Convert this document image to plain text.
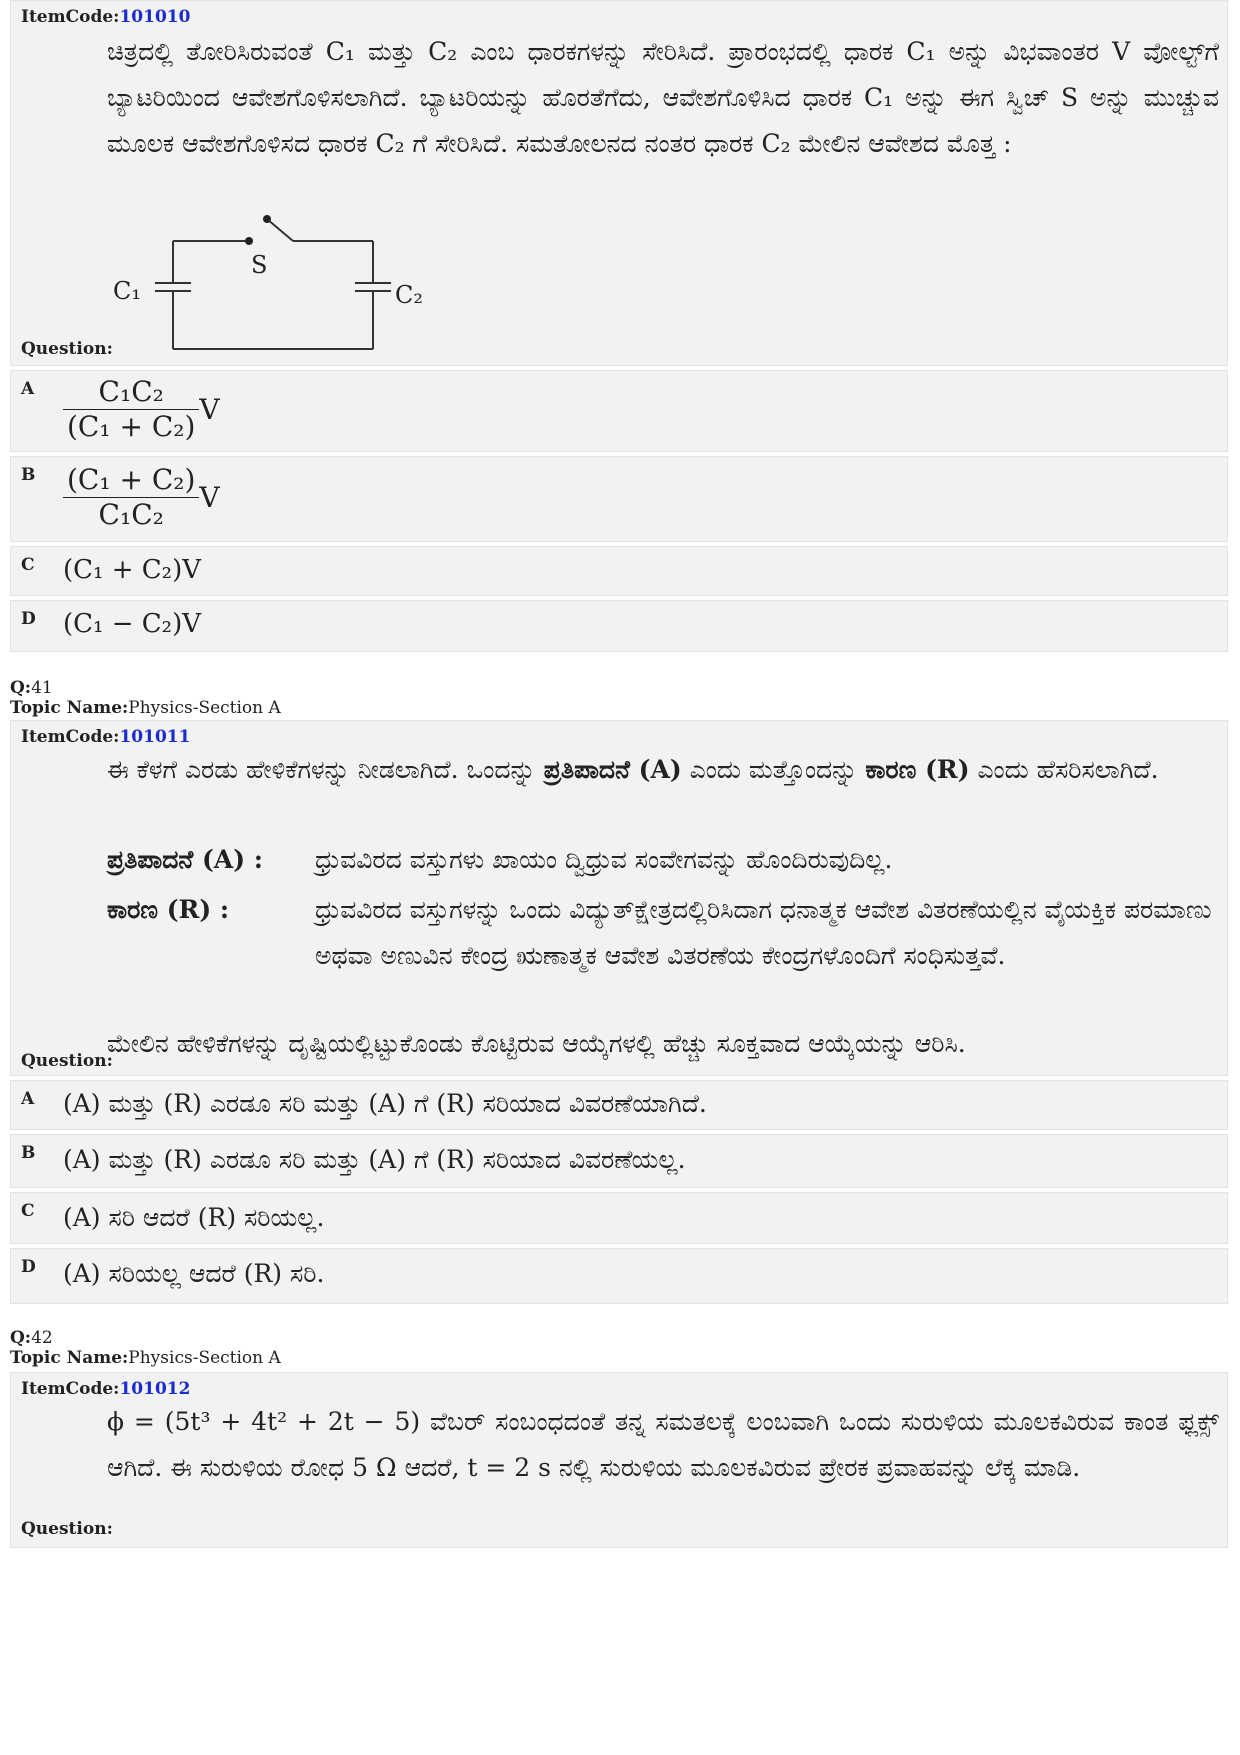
ItemCode:101010

ಚಿತ್ರದಲ್ಲಿ ತೋರಿಸಿರುವಂತೆ C₁ ಮತ್ತು C₂ ಎಂಬ ಧಾರಕಗಳನ್ನು ಸೇರಿಸಿದೆ. ಪ್ರಾರಂಭದಲ್ಲಿ ಧಾರಕ C₁ ಅನ್ನು ವಿಭವಾಂತರ V ವೋಲ್ಟ್‌ಗೆ ಬ್ಯಾಟರಿಯಿಂದ ಆವೇಶಗೊಳಿಸಲಾಗಿದೆ. ಬ್ಯಾಟರಿಯನ್ನು ಹೊರತೆಗೆದು, ಆವೇಶಗೊಳಿಸಿದ ಧಾರಕ C₁ ಅನ್ನು ಈಗ ಸ್ವಿಚ್ S ಅನ್ನು ಮುಚ್ಚುವ ಮೂಲಕ ಆವೇಶಗೊಳಿಸದ ಧಾರಕ C₂ ಗೆ ಸೇರಿಸಿದೆ. ಸಮತೋಲನದ ನಂತರ ಧಾರಕ C₂ ಮೇಲಿನ ಆವೇಶದ ಮೊತ್ತ :

S
C₁	C₂
Question:
A $\frac{\text{C₁C₂}}{\text{(C₁ + C₂)}}$ V
B $\frac{\text{(C₁ + C₂)}}{\text{C₁C₂}}$ V
C (C₁ + C₂)V
D (C₁ − C₂)V
Q:41
Topic Name:Physics-Section A
ItemCode:101011

ಈ ಕೆಳಗೆ ಎರಡು ಹೇಳಿಕೆಗಳನ್ನು ನೀಡಲಾಗಿದೆ. ಒಂದನ್ನು ಪ್ರತಿಪಾದನೆ (A) ಎಂದು ಮತ್ತೊಂದನ್ನು ಕಾರಣ (R) ಎಂದು ಹೆಸರಿಸಲಾಗಿದೆ.

ಪ್ರತಿಪಾದನೆ (A) : ಧ್ರುವವಿರದ ವಸ್ತುಗಳು ಖಾಯಂ ದ್ವಿಧ್ರುವ ಸಂವೇಗವನ್ನು ಹೊಂದಿರುವುದಿಲ್ಲ.
ಕಾರಣ (R) :	ಧ್ರುವವಿರದ ವಸ್ತುಗಳನ್ನು ಒಂದು ವಿದ್ಯುತ್‌ಕ್ಷೇತ್ರದಲ್ಲಿರಿಸಿದಾಗ ಧನಾತ್ಮಕ ಆವೇಶ ವಿತರಣೆಯಲ್ಲಿನ ವೈಯಕ್ತಿಕ ಪರಮಾಣು ಅಥವಾ ಅಣುವಿನ ಕೇಂದ್ರ ಋಣಾತ್ಮಕ ಆವೇಶ ವಿತರಣೆಯ ಕೇಂದ್ರಗಳೊಂದಿಗೆ ಸಂಧಿಸುತ್ತವೆ.

ಮೇಲಿನ ಹೇಳಿಕೆಗಳನ್ನು ದೃಷ್ಟಿಯಲ್ಲಿಟ್ಟುಕೊಂಡು ಕೊಟ್ಟಿರುವ ಆಯ್ಕೆಗಳಲ್ಲಿ ಹೆಚ್ಚು ಸೂಕ್ತವಾದ ಆಯ್ಕೆಯನ್ನು ಆರಿಸಿ.

Question:
A (A) ಮತ್ತು (R) ಎರಡೂ ಸರಿ ಮತ್ತು (A) ಗೆ (R) ಸರಿಯಾದ ವಿವರಣೆಯಾಗಿದೆ.
B (A) ಮತ್ತು (R) ಎರಡೂ ಸರಿ ಮತ್ತು (A) ಗೆ (R) ಸರಿಯಾದ ವಿವರಣೆಯಲ್ಲ.
C (A) ಸರಿ ಆದರೆ (R) ಸರಿಯಲ್ಲ.
D (A) ಸರಿಯಲ್ಲ ಆದರೆ (R) ಸರಿ.
Q:42
Topic Name:Physics-Section A
ItemCode:101012

ϕ = (5t³ + 4t² + 2t − 5) ವೆಬರ್ ಸಂಬಂಧದಂತೆ ತನ್ನ ಸಮತಲಕ್ಕೆ ಲಂಬವಾಗಿ ಒಂದು ಸುರುಳಿಯ ಮೂಲಕವಿರುವ ಕಾಂತ ಫ್ಲಕ್ಸ್ ಆಗಿದೆ. ಈ ಸುರುಳಿಯ ರೋಧ 5 Ω ಆದರೆ, t = 2 s ನಲ್ಲಿ ಸುರುಳಿಯ ಮೂಲಕವಿರುವ ಪ್ರೇರಕ ಪ್ರವಾಹವನ್ನು ಲೆಕ್ಕ ಮಾಡಿ.

Question:
